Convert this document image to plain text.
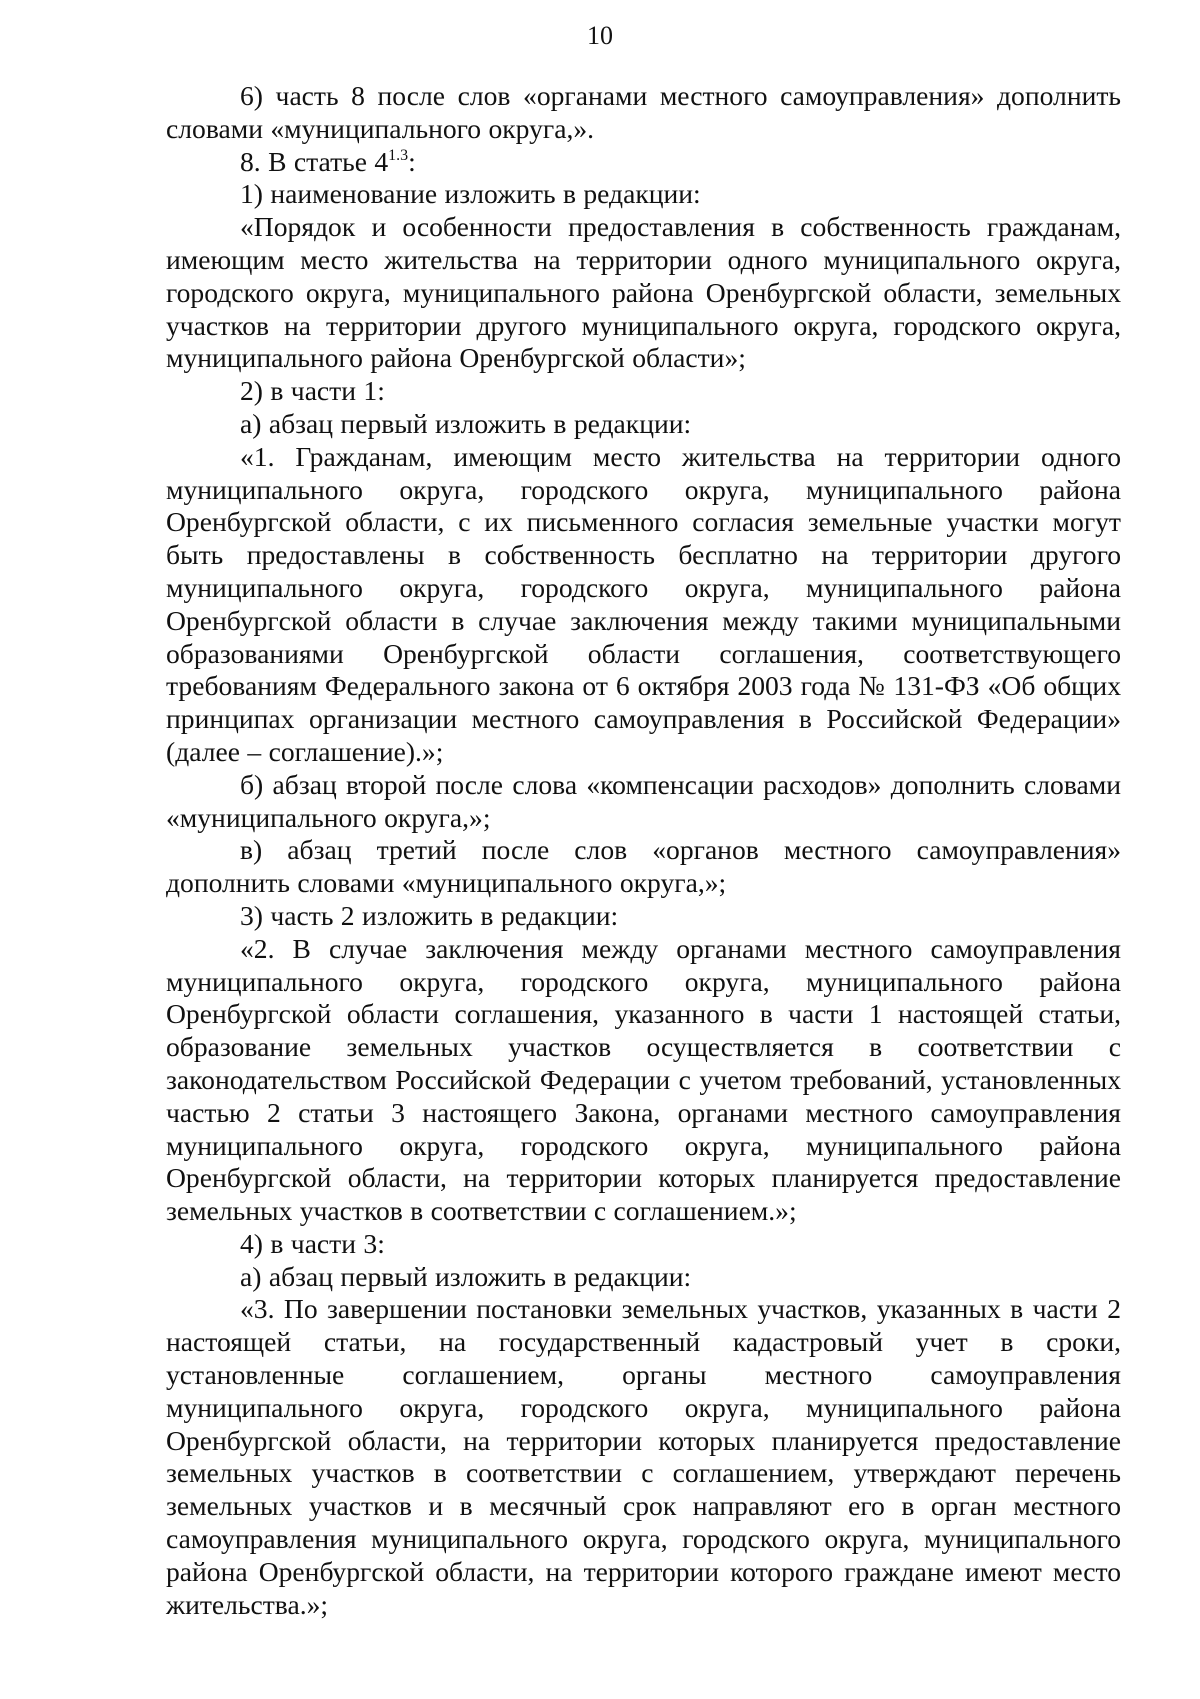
10

6) часть 8 после слов «органами местного самоуправления» дополнить словами «муниципального округа,».

8. В статье $4^{1.3}$:

1) наименование изложить в редакции:

«Порядок и особенности предоставления в собственность гражданам, имеющим место жительства на территории одного муниципального округа, городского округа, муниципального района Оренбургской области, земельных участков на территории другого муниципального округа, городского округа, муниципального района Оренбургской области»;

2) в части 1:

а) абзац первый изложить в редакции:

«1. Гражданам, имеющим место жительства на территории одного муниципального округа, городского округа, муниципального района Оренбургской области, с их письменного согласия земельные участки могут быть предоставлены в собственность бесплатно на территории другого муниципального округа, городского округа, муниципального района Оренбургской области в случае заключения между такими муниципальными образованиями Оренбургской области соглашения, соответствующего требованиям Федерального закона от 6 октября 2003 года № 131-ФЗ «Об общих принципах организации местного самоуправления в Российской Федерации» (далее – соглашение).»;

б) абзац второй после слова «компенсации расходов» дополнить словами «муниципального округа,»;

в) абзац третий после слов «органов местного самоуправления» дополнить словами «муниципального округа,»;

3) часть 2 изложить в редакции:

«2. В случае заключения между органами местного самоуправления муниципального округа, городского округа, муниципального района Оренбургской области соглашения, указанного в части 1 настоящей статьи, образование земельных участков осуществляется в соответствии с законодательством Российской Федерации с учетом требований, установленных частью 2 статьи 3 настоящего Закона, органами местного самоуправления муниципального округа, городского округа, муниципального района Оренбургской области, на территории которых планируется предоставление земельных участков в соответствии с соглашением.»;

4) в части 3:

а) абзац первый изложить в редакции:

«3. По завершении постановки земельных участков, указанных в части 2 настоящей статьи, на государственный кадастровый учет в сроки, установленные соглашением, органы местного самоуправления муниципального округа, городского округа, муниципального района Оренбургской области, на территории которых планируется предоставление земельных участков в соответствии с соглашением, утверждают перечень земельных участков и в месячный срок направляют его в орган местного самоуправления муниципального округа, городского округа, муниципального района Оренбургской области, на территории которого граждане имеют место жительства.»;
